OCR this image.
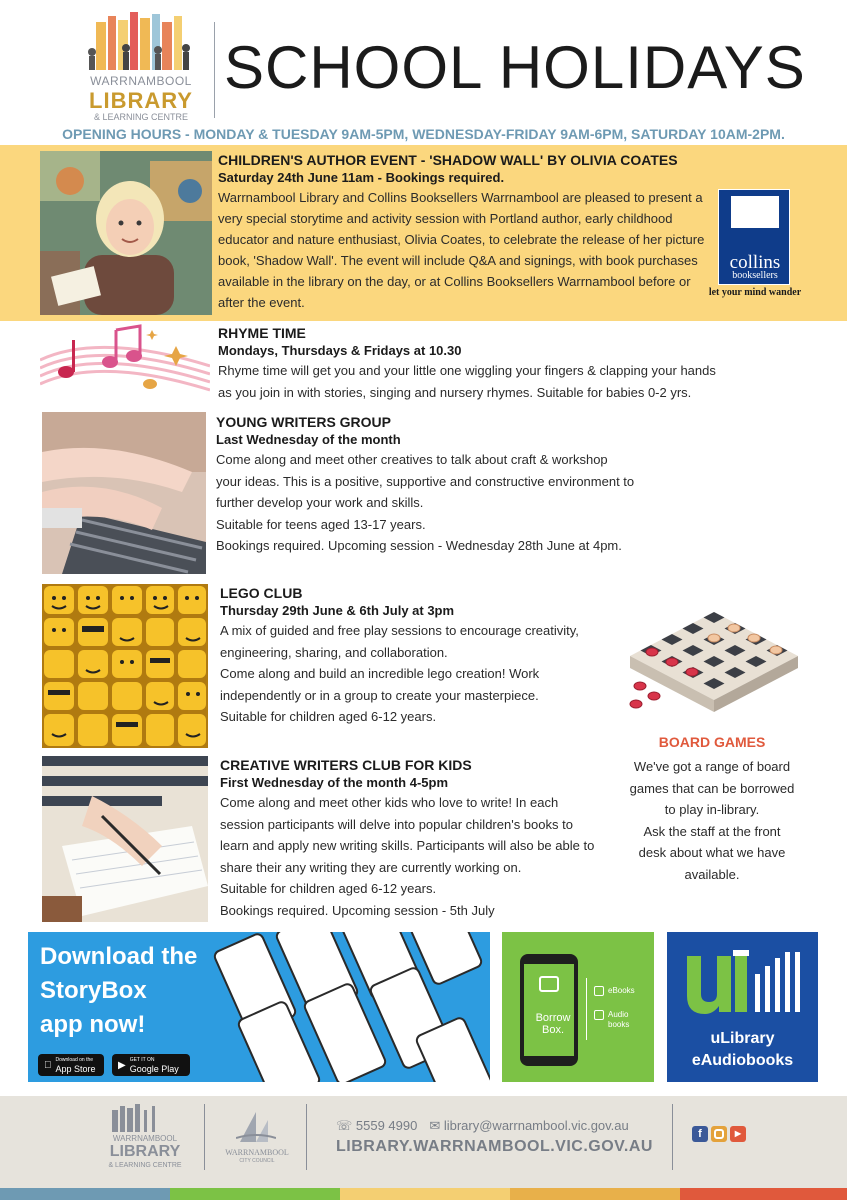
WARRNAMBOOL
LIBRARY
& LEARNING CENTRE
SCHOOL HOLIDAYS
OPENING HOURS - MONDAY & TUESDAY 9AM-5PM, WEDNESDAY-FRIDAY 9AM-6PM, SATURDAY 10AM-2PM.
CHILDREN'S AUTHOR EVENT - 'SHADOW WALL' BY OLIVIA COATES
Saturday 24th June 11am - Bookings required.
Warrnambool Library and Collins Booksellers Warrnambool are pleased to present a very special storytime and activity session with Portland author, early childhood educator and nature enthusiast, Olivia Coates, to celebrate the release of her picture book, 'Shadow Wall'. The event will include Q&A and signings, with book purchases available in the library on the day, or at Collins Booksellers Warrnambool before or after the event.
collins
booksellers
let your mind wander
RHYME TIME
Mondays, Thursdays & Fridays at 10.30
Rhyme time will get you and your little one wiggling your fingers & clapping your hands
as you join in with stories, singing and nursery rhymes. Suitable for babies 0-2 yrs.
YOUNG WRITERS GROUP
Last Wednesday of the month
Come along and meet other creatives to talk about craft & workshop
your ideas. This is a positive, supportive and constructive environment to
further develop your work and skills.
Suitable for teens aged 13-17 years.
Bookings required. Upcoming session - Wednesday 28th June at 4pm.
LEGO CLUB
Thursday 29th June & 6th July at 3pm
A mix of guided and free play sessions to encourage creativity,
engineering, sharing, and collaboration.
Come along and build an incredible lego creation! Work
independently or in a group to create your masterpiece.
Suitable for children aged 6-12 years.
BOARD GAMES
We've got a range of board
games that can be borrowed
to play in-library.
Ask the staff at the front
desk about what we have
available.
CREATIVE WRITERS CLUB FOR KIDS
First Wednesday of the month 4-5pm
Come along and meet other kids who love to write! In each
session participants will delve into popular children's books to
learn and apply new writing skills. Participants will also be able to
share their any writing they are currently working on.
Suitable for children aged 6-12 years.
Bookings required. Upcoming session - 5th July
Download the
StoryBox
app now!
Download on the
App Store	▶ GET IT ON
Google Play
Borrow
Box.
eBooks
Audio
books
uLibrary
eAudiobooks
WARRNAMBOOL
LIBRARY
& LEARNING CENTRE
WARRNAMBOOL
CITY COUNCIL
☏ 5559 4990 ✉ library@warrnambool.vic.gov.au
LIBRARY.WARRNAMBOOL.VIC.GOV.AU
f	▶
